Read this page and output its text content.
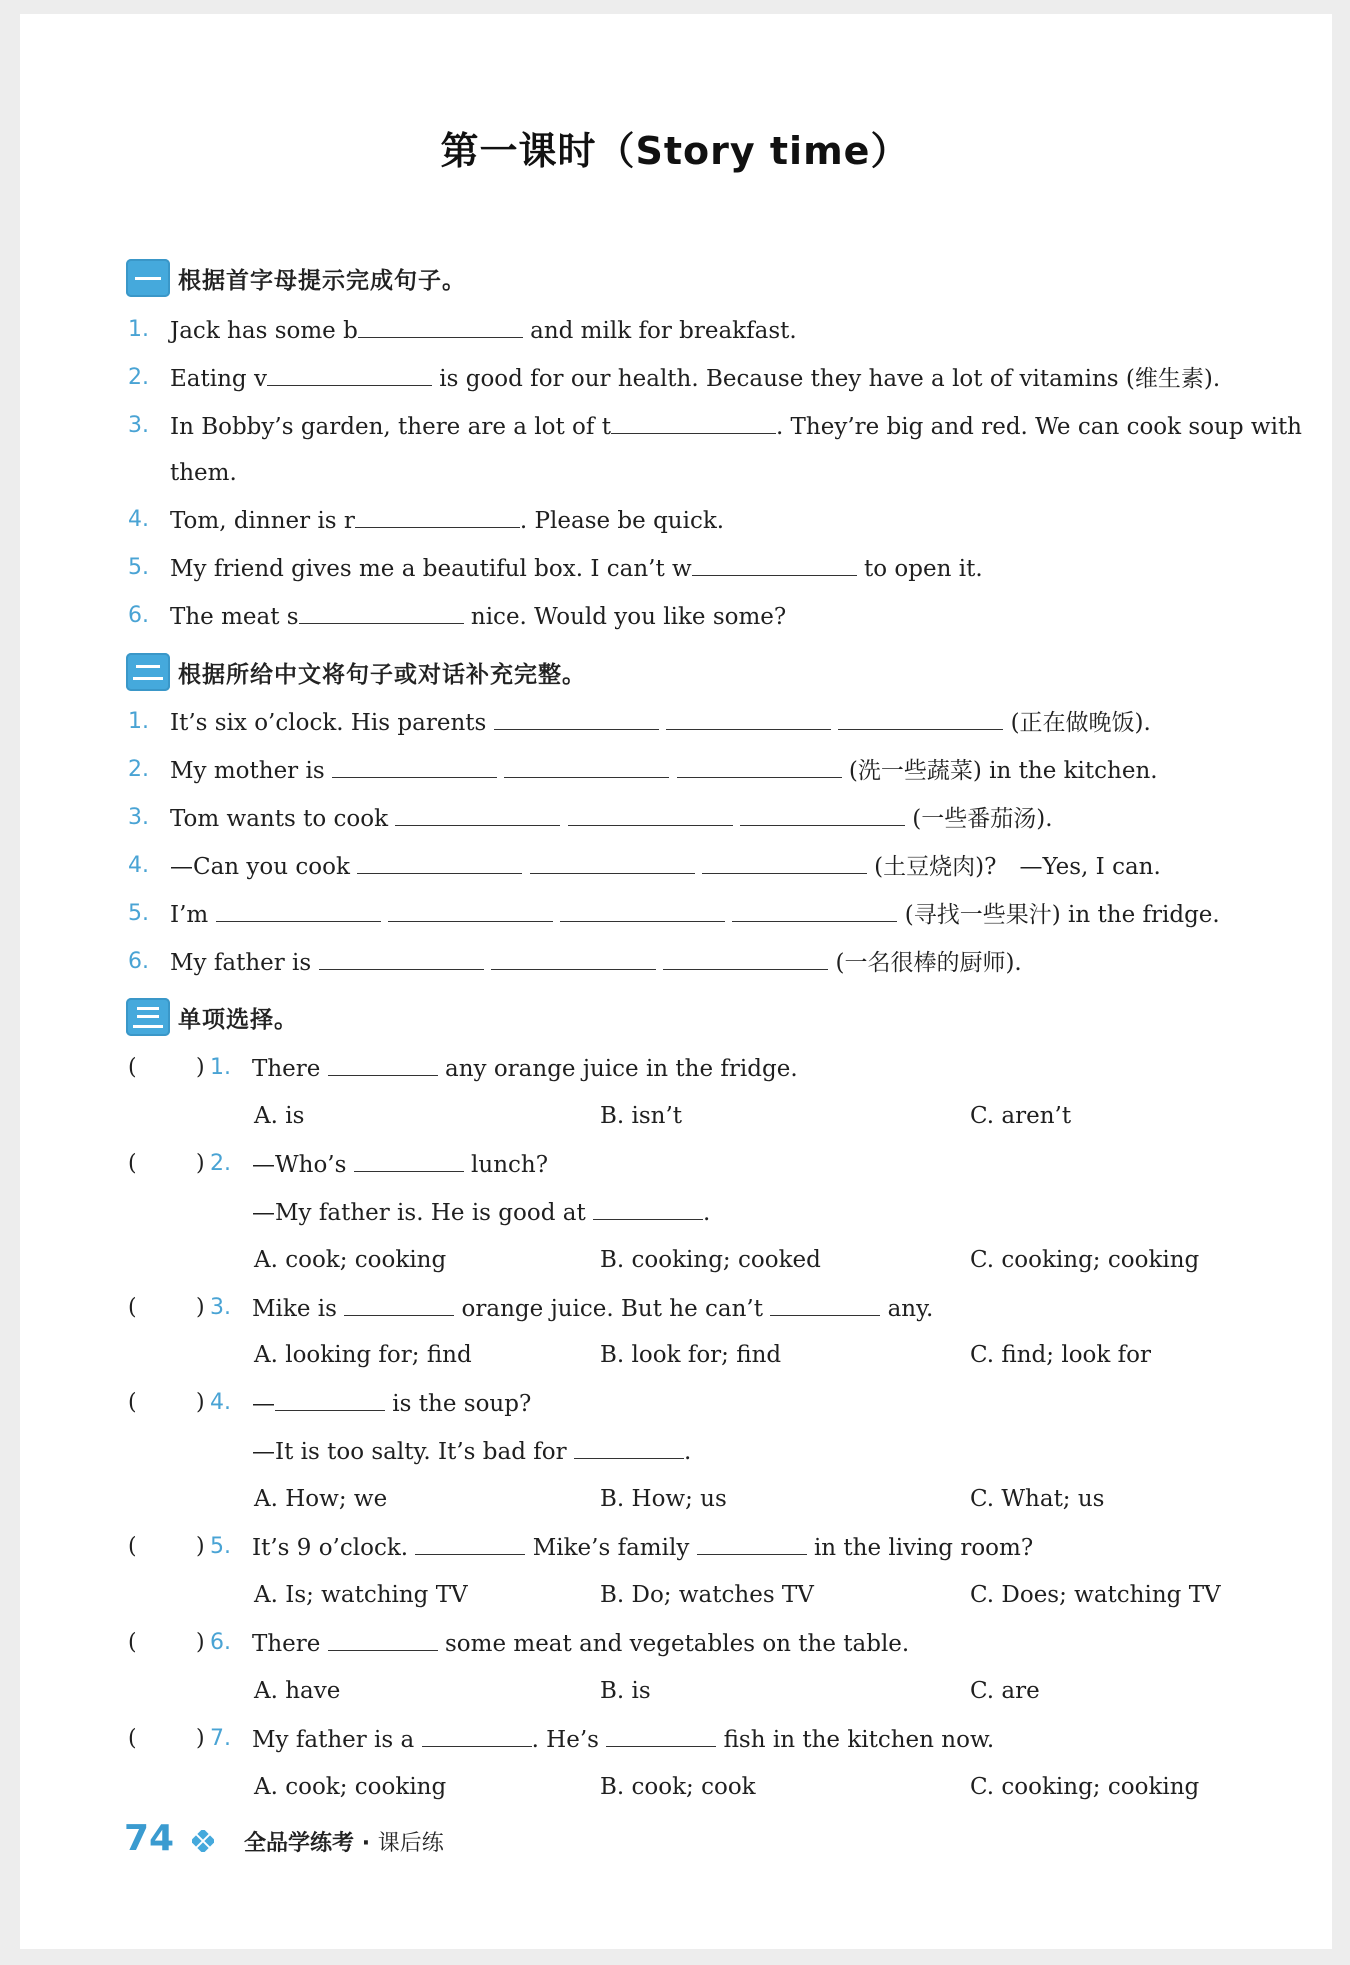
第一课时（Story time）
根据首字母提示完成句子。
1. Jack has some b	and milk for breakfast.
2. Eating v	is good for our health. Because they have a lot of vitamins (维生素).
3. In Bobby’s garden, there are a lot of t	. They’re big and red. We can cook soup with
them.
4. Tom, dinner is r	. Please be quick.
5. My friend gives me a beautiful box. I can’t w	to open it.
6. The meat s	nice. Would you like some?
根据所给中文将句子或对话补充完整。
1. It’s six o’clock. His parents	(正在做晚饭).
2. My mother is	(洗一些蔬菜) in the kitchen.
3. Tom wants to cook	(一些番茄汤).
4. —Can you cook	(土豆烧肉)?　—Yes, I can.
5. I’m	(寻找一些果汁) in the fridge.
6. My father is	(一名很棒的厨师).
单项选择。
(	) 1. There	any orange juice in the fridge.
A. is	B. isn’t	C. aren’t
(	) 2. —Who’s	lunch?
—My father is. He is good at	.
A. cook; cooking	B. cooking; cooked	C. cooking; cooking
(	) 3. Mike is	orange juice. But he can’t	any.
A. looking for; find	B. look for; find	C. find; look for
(	) 4. —	is the soup?
—It is too salty. It’s bad for	.
A. How; we	B. How; us	C. What; us
(	) 5. It’s 9 o’clock.	Mike’s family	in the living room?
A. Is; watching TV	B. Do; watches TV	C. Does; watching TV
(	) 6. There	some meat and vegetables on the table.
A. have	B. is	C. are
(	) 7. My father is a	. He’s	fish in the kitchen now.
A. cook; cooking	B. cook; cook	C. cooking; cooking
74	全品学练考 · 课后练
